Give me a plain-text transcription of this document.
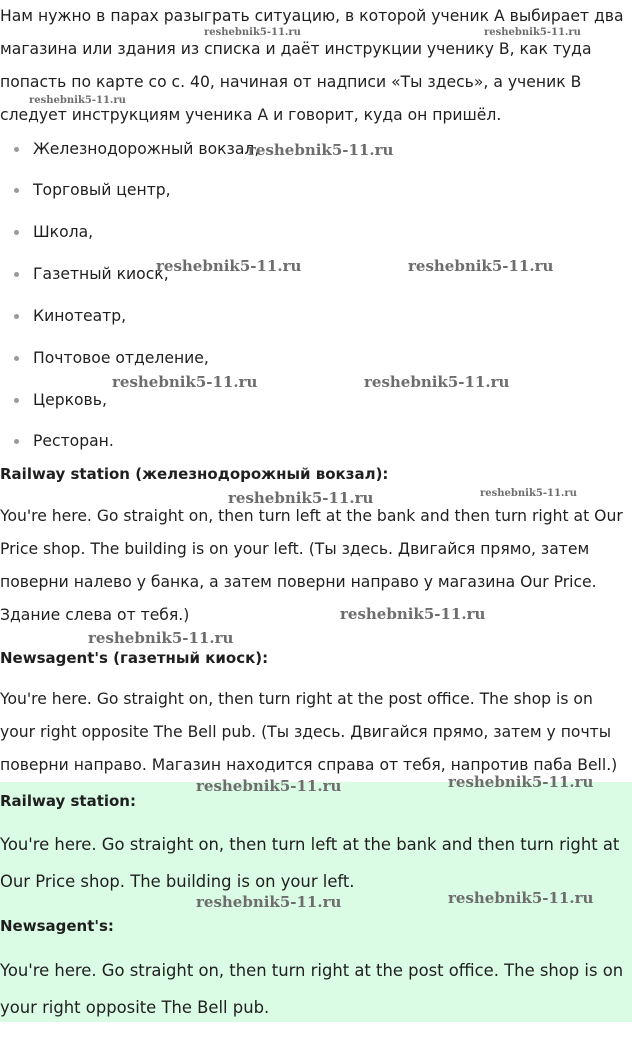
Нам нужно в парах разыграть ситуацию, в которой ученик А выбирает два магазина или здания из списка и даёт инструкции ученику В, как туда попасть по карте со с. 40, начиная от надписи «Ты здесь», а ученик В следует инструкциям ученика А и говорит, куда он пришёл.

Железнодорожный вокзал,
Торговый центр,
Школа,
Газетный киоск,
Кинотеатр,
Почтовое отделение,
Церковь,
Ресторан.

Railway station (железнодорожный вокзал):

You're here. Go straight on, then turn left at the bank and then turn right at Our Price shop. The building is on your left. (Ты здесь. Двигайся прямо, затем поверни налево у банка, а затем поверни направо у магазина Our Price. Здание слева от тебя.)

Newsagent's (газетный киоск):

You're here. Go straight on, then turn right at the post office. The shop is on your right opposite The Bell pub. (Ты здесь. Двигайся прямо, затем у почты поверни направо. Магазин находится справа от тебя, напротив паба Bell.)

Railway station:

You're here. Go straight on, then turn left at the bank and then turn right at Our Price shop. The building is on your left.

Newsagent's:

You're here. Go straight on, then turn right at the post office. The shop is on your right opposite The Bell pub.

reshebnik5-11.ru	reshebnik5-11.ru
reshebnik5-11.ru
reshebnik5-11.ru
reshebnik5-11.ru	reshebnik5-11.ru
reshebnik5-11.ru	reshebnik5-11.ru
reshebnik5-11.ru	reshebnik5-11.ru
reshebnik5-11.ru
reshebnik5-11.ru
reshebnik5-11.ru	reshebnik5-11.ru
reshebnik5-11.ru	reshebnik5-11.ru
